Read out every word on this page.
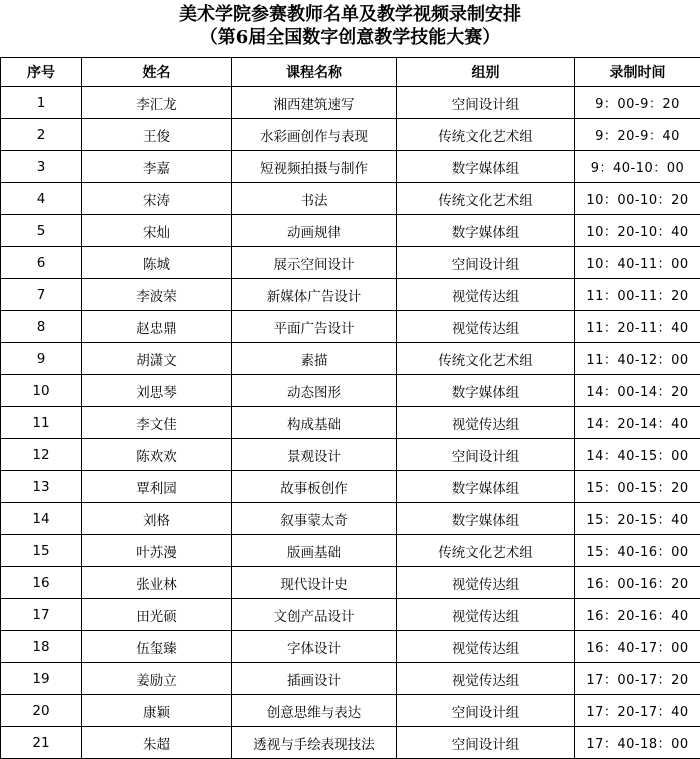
美术学院参赛教师名单及教学视频录制安排
（第6届全国数字创意教学技能大赛）
序号	姓名	课程名称	组别	录制时间
1	李汇龙	湘西建筑速写	空间设计组	9：00-9：20
2	王俊	水彩画创作与表现	传统文化艺术组	9：20-9：40
3	李嘉	短视频拍摄与制作	数字媒体组	9：40-10：00
4	宋涛	书法	传统文化艺术组	10：00-10：20
5	宋灿	动画规律	数字媒体组	10：20-10：40
6	陈城	展示空间设计	空间设计组	10：40-11：00
7	李波荣	新媒体广告设计	视觉传达组	11：00-11：20
8	赵忠鼎	平面广告设计	视觉传达组	11：20-11：40
9	胡潇文	素描	传统文化艺术组	11：40-12：00
10	刘思琴	动态图形	数字媒体组	14：00-14：20
11	李文佳	构成基础	视觉传达组	14：20-14：40
12	陈欢欢	景观设计	空间设计组	14：40-15：00
13	覃利园	故事板创作	数字媒体组	15：00-15：20
14	刘格	叙事蒙太奇	数字媒体组	15：20-15：40
15	叶苏漫	版画基础	传统文化艺术组	15：40-16：00
16	张业林	现代设计史	视觉传达组	16：00-16：20
17	田光硕	文创产品设计	视觉传达组	16：20-16：40
18	伍玺臻	字体设计	视觉传达组	16：40-17：00
19	姜励立	插画设计	视觉传达组	17：00-17：20
20	康颖	创意思维与表达	空间设计组	17：20-17：40
21	朱超	透视与手绘表现技法	空间设计组	17：40-18：00
